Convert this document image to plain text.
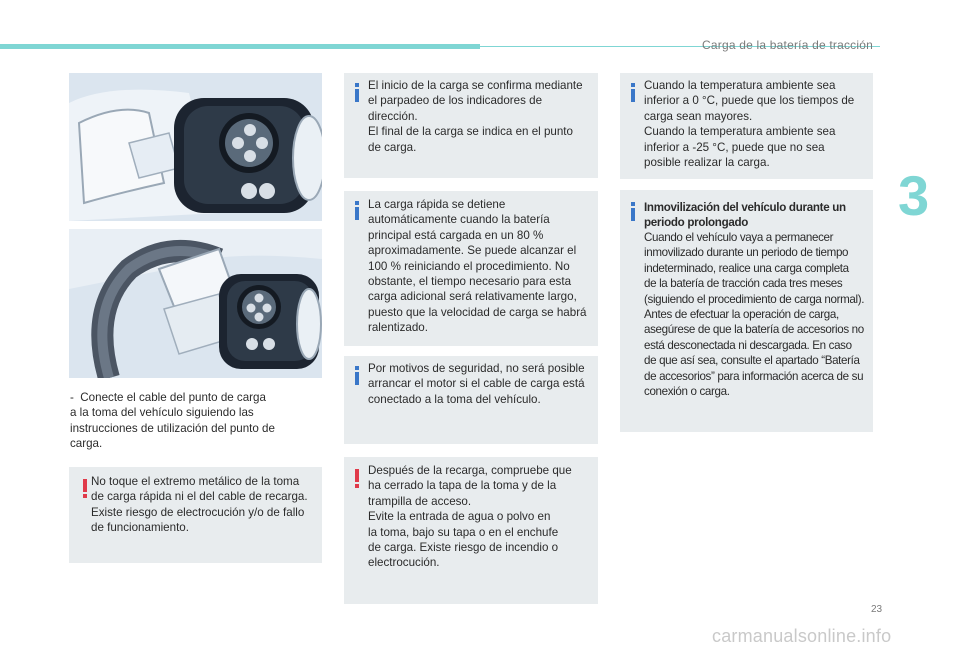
Carga de la batería de tracción
3
-  Conecte el cable del punto de carga
a la toma del vehículo siguiendo las
instrucciones de utilización del punto de
carga.
No toque el extremo metálico de la toma
de carga rápida ni el del cable de recarga.
Existe riesgo de electrocución y/o de fallo
de funcionamiento.
El inicio de la carga se confirma mediante
el parpadeo de los indicadores de
dirección.
El final de la carga se indica en el punto
de carga.
La carga rápida se detiene
automáticamente cuando la batería
principal está cargada en un 80 %
aproximadamente. Se puede alcanzar el
100 % reiniciando el procedimiento. No
obstante, el tiempo necesario para esta
carga adicional será relativamente largo,
puesto que la velocidad de carga se habrá
ralentizado.
Por motivos de seguridad, no será posible
arrancar el motor si el cable de carga está
conectado a la toma del vehículo.
Después de la recarga, compruebe que
ha cerrado la tapa de la toma y de la
trampilla de acceso.
Evite la entrada de agua o polvo en
la toma, bajo su tapa o en el enchufe
de carga. Existe riesgo de incendio o
electrocución.
Cuando la temperatura ambiente sea
inferior a 0 °C, puede que los tiempos de
carga sean mayores.
Cuando la temperatura ambiente sea
inferior a -25 °C, puede que no sea
posible realizar la carga.
Inmovilización del vehículo durante un
periodo prolongado
Cuando el vehículo vaya a permanecer
inmovilizado durante un periodo de tiempo
indeterminado, realice una carga completa
de la batería de tracción cada tres meses
(siguiendo el procedimiento de carga normal).
Antes de efectuar la operación de carga,
asegúrese de que la batería de accesorios no
está desconectada ni descargada. En caso
de que así sea, consulte el apartado “Batería
de accesorios” para información acerca de su
conexión o carga.
23
carmanualsonline.info
